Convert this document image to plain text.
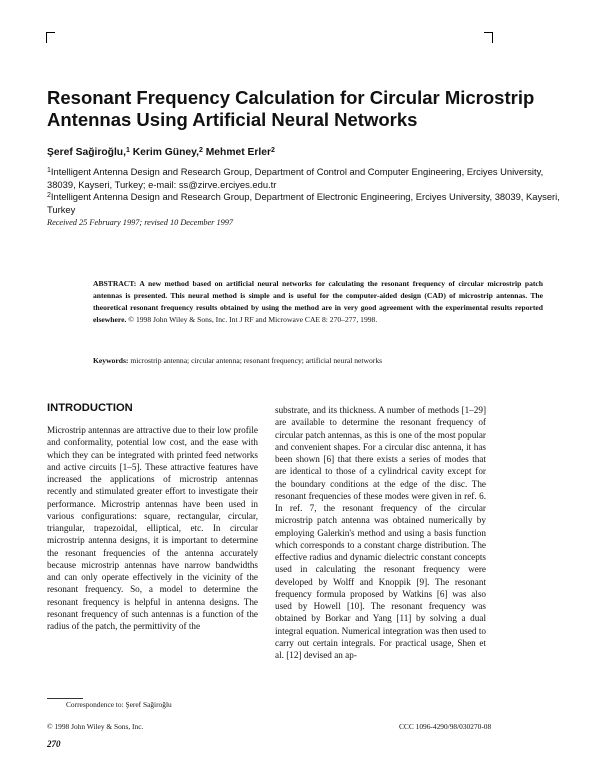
Resonant Frequency Calculation for Circular Microstrip Antennas Using Artificial Neural Networks
Şeref Sağiroğlu,$^1$ Kerim Güney,$^2$ Mehmet Erler$^2$
$^1$Intelligent Antenna Design and Research Group, Department of Control and Computer Engineering, Erciyes University, 38039, Kayseri, Turkey; e-mail: ss@zirve.erciyes.edu.tr
$^2$Intelligent Antenna Design and Research Group, Department of Electronic Engineering, Erciyes University, 38039, Kayseri, Turkey
Received 25 February 1997; revised 10 December 1997
ABSTRACT: A new method based on artificial neural networks for calculating the resonant frequency of circular microstrip patch antennas is presented. This neural method is simple and is useful for the computer-aided design (CAD) of microstrip antennas. The theoretical resonant frequency results obtained by using the method are in very good agreement with the experimental results reported elsewhere. © 1998 John Wiley & Sons, Inc. Int J RF and Microwave CAE 8: 270–277, 1998.
Keywords: microstrip antenna; circular antenna; resonant frequency; artificial neural networks
INTRODUCTION
Microstrip antennas are attractive due to their low profile and conformality, potential low cost, and the ease with which they can be integrated with printed feed networks and active circuits [1–5]. These attractive features have increased the applications of microstrip antennas recently and stimulated greater effort to investigate their performance. Microstrip antennas have been used in various configurations: square, rectangular, circular, triangular, trapezoidal, elliptical, etc. In circular microstrip antenna designs, it is important to determine the resonant frequencies of the antenna accurately because microstrip antennas have narrow bandwidths and can only operate effectively in the vicinity of the resonant frequency. So, a model to determine the resonant frequency is helpful in antenna designs. The resonant frequency of such antennas is a function of the radius of the patch, the permittivity of the
substrate, and its thickness. A number of methods [1–29] are available to determine the resonant frequency of circular patch antennas, as this is one of the most popular and convenient shapes. For a circular disc antenna, it has been shown [6] that there exists a series of modes that are identical to those of a cylindrical cavity except for the boundary conditions at the edge of the disc. The resonant frequencies of these modes were given in ref. 6. In ref. 7, the resonant frequency of the circular microstrip patch antenna was obtained numerically by employing Galerkin's method and using a basis function which corresponds to a constant charge distribution. The effective radius and dynamic dielectric constant concepts used in calculating the resonant frequency were developed by Wolff and Knoppik [9]. The resonant frequency formula proposed by Watkins [6] was also used by Howell [10]. The resonant frequency was obtained by Borkar and Yang [11] by solving a dual integral equation. Numerical integration was then used to carry out certain integrals. For practical usage, Shen et al. [12] devised an ap-
Correspondence to: Şeref Sağiroğlu
© 1998 John Wiley & Sons, Inc.	CCC 1096-4290/98/030270-08
270
